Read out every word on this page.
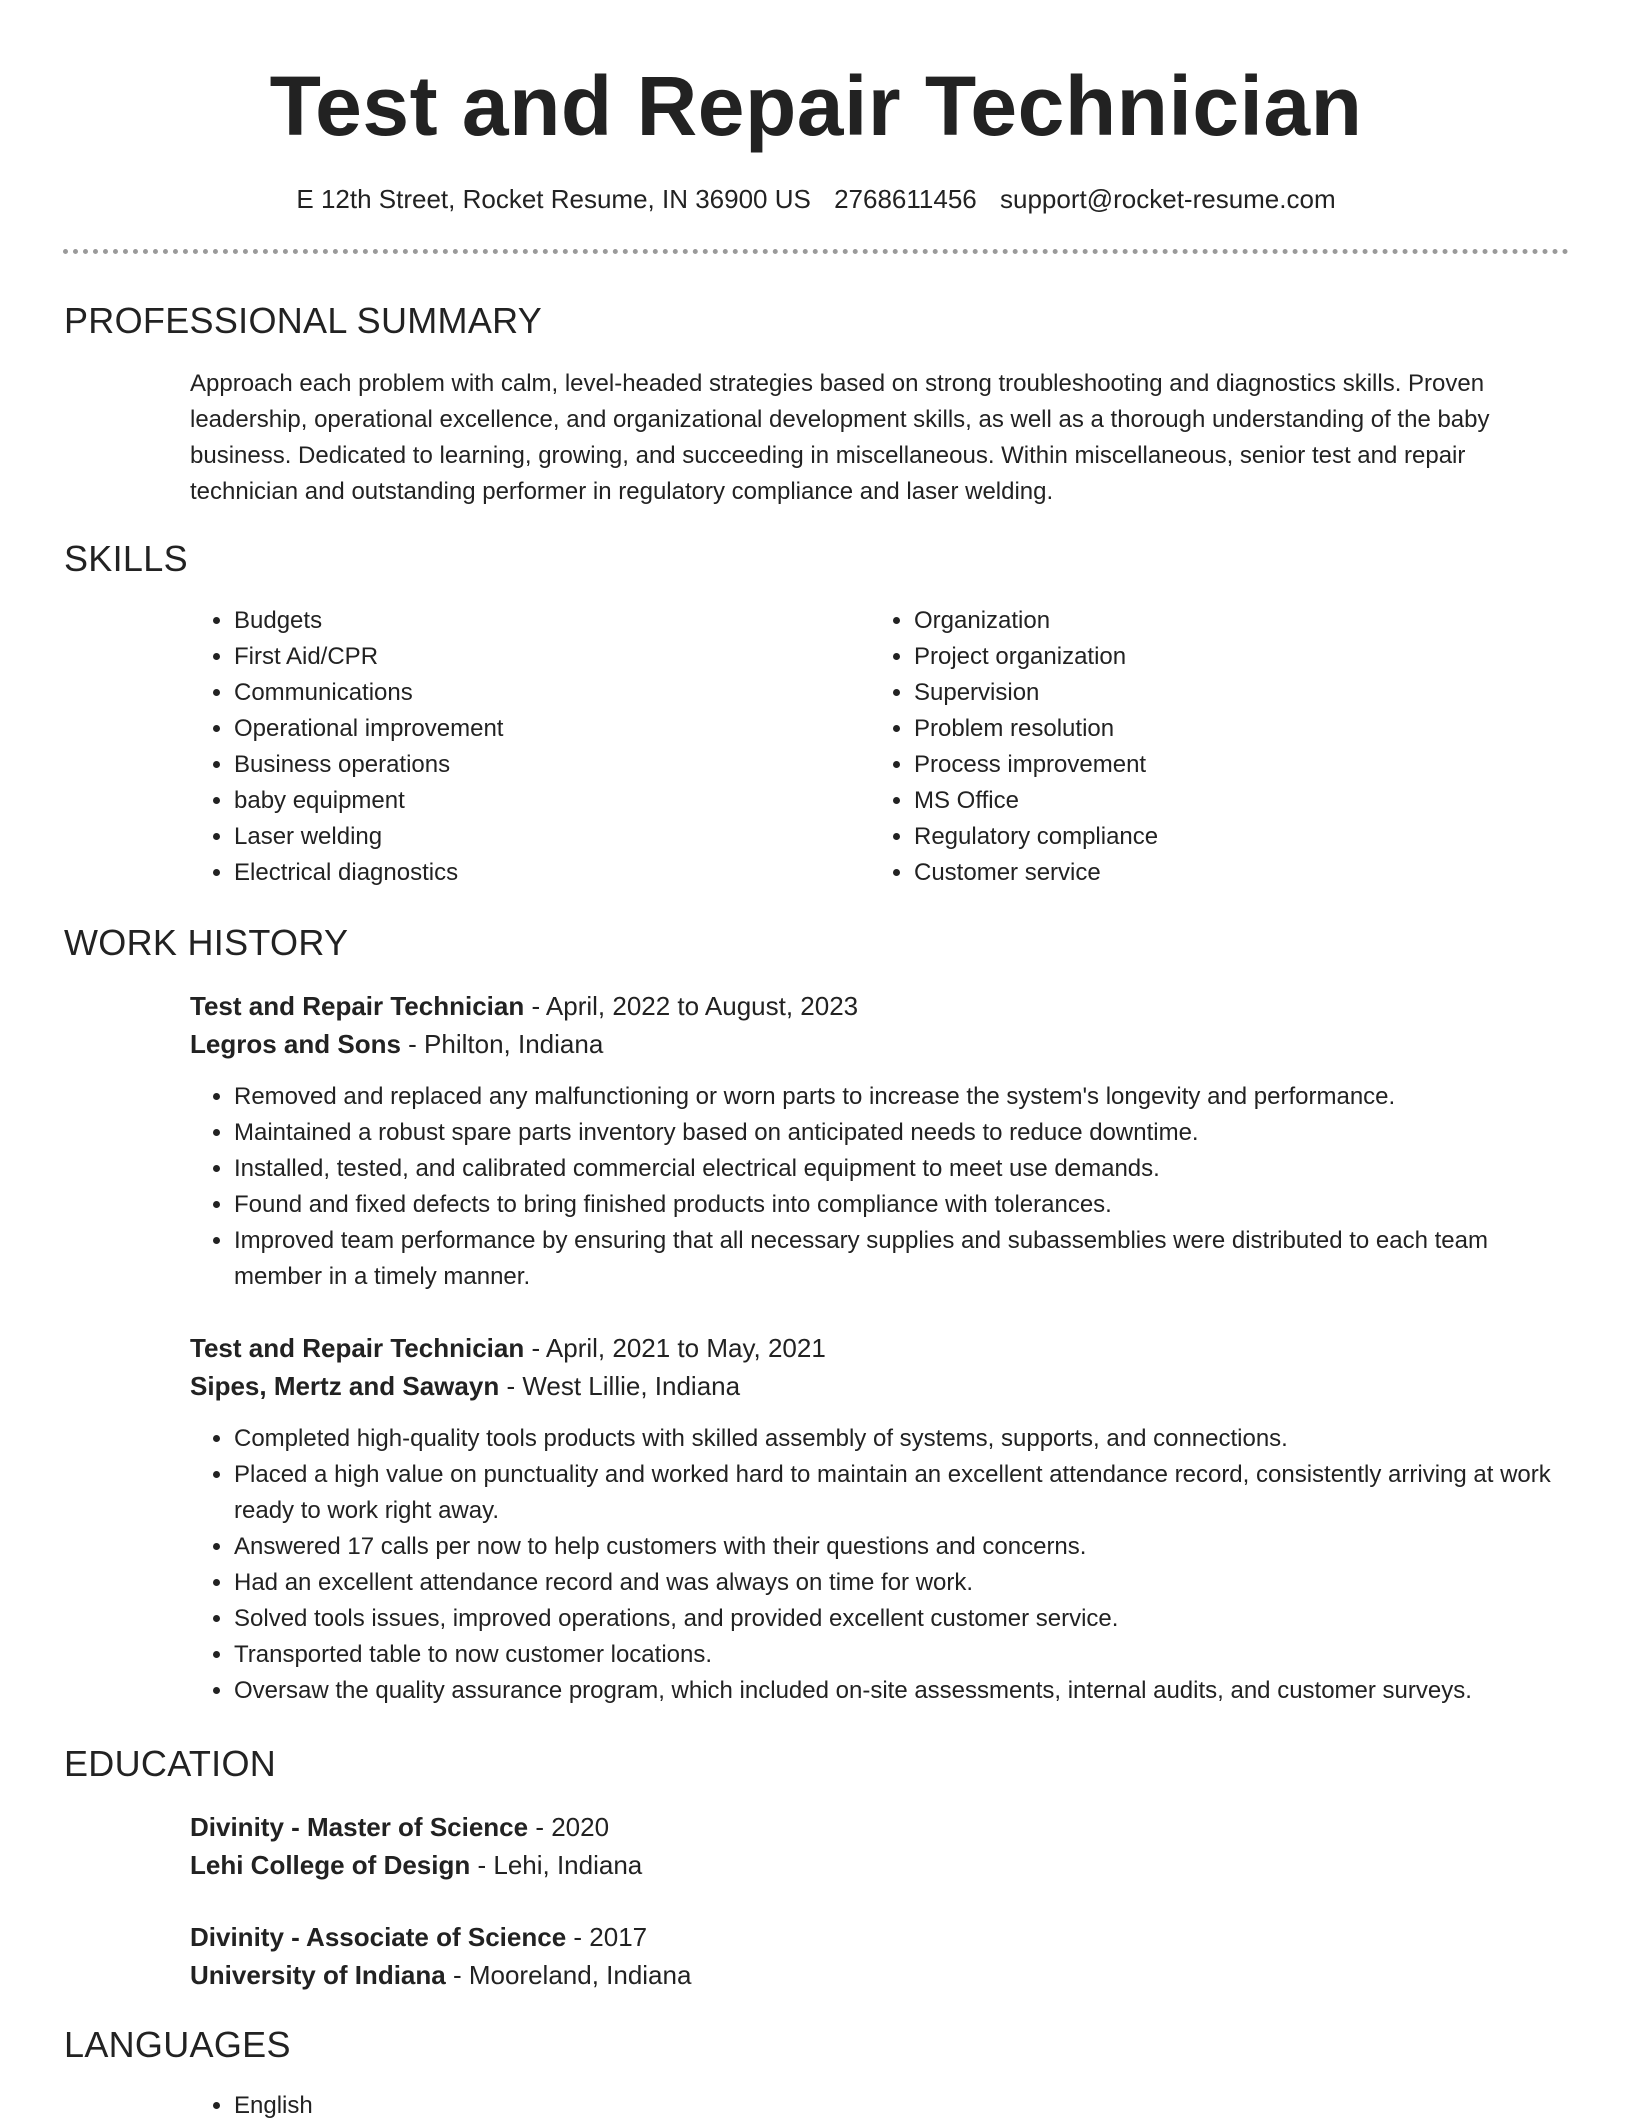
Test and Repair Technician
E 12th Street, Rocket Resume, IN 36900 US 2768611456 support@rocket-resume.com
PROFESSIONAL SUMMARY

Approach each problem with calm, level-headed strategies based on strong troubleshooting and diagnostics skills. Proven leadership, operational excellence, and organizational development skills, as well as a thorough understanding of the baby business. Dedicated to learning, growing, and succeeding in miscellaneous. Within miscellaneous, senior test and repair technician and outstanding performer in regulatory compliance and laser welding.

SKILLS
• Budgets
• First Aid/CPR
• Communications
• Operational improvement
• Business operations
• baby equipment
• Laser welding
• Electrical diagnostics
• Organization
• Project organization
• Supervision
• Problem resolution
• Process improvement
• MS Office
• Regulatory compliance
• Customer service
WORK HISTORY
Test and Repair Technician - April, 2022 to August, 2023
Legros and Sons - Philton, Indiana
• Removed and replaced any malfunctioning or worn parts to increase the system's longevity and performance.
• Maintained a robust spare parts inventory based on anticipated needs to reduce downtime.
• Installed, tested, and calibrated commercial electrical equipment to meet use demands.
• Found and fixed defects to bring finished products into compliance with tolerances.
• Improved team performance by ensuring that all necessary supplies and subassemblies were distributed to each team member in a timely manner.
Test and Repair Technician - April, 2021 to May, 2021
Sipes, Mertz and Sawayn - West Lillie, Indiana
• Completed high-quality tools products with skilled assembly of systems, supports, and connections.
• Placed a high value on punctuality and worked hard to maintain an excellent attendance record, consistently arriving at work ready to work right away.
• Answered 17 calls per now to help customers with their questions and concerns.
• Had an excellent attendance record and was always on time for work.
• Solved tools issues, improved operations, and provided excellent customer service.
• Transported table to now customer locations.
• Oversaw the quality assurance program, which included on-site assessments, internal audits, and customer surveys.
EDUCATION
Divinity - Master of Science - 2020
Lehi College of Design - Lehi, Indiana
Divinity - Associate of Science - 2017
University of Indiana - Mooreland, Indiana
LANGUAGES
• English
